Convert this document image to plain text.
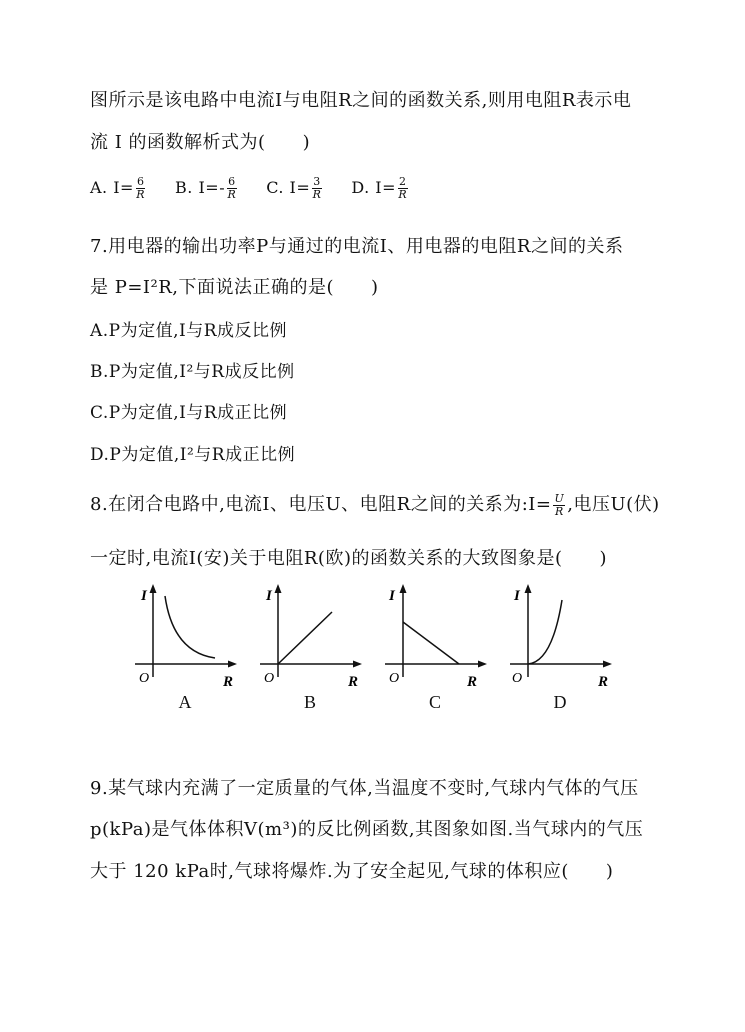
图所示是该电路中电流I与电阻R之间的函数关系,则用电阻R表示电
流 I 的函数解析式为(　　)
A. $I= \frac{6}{R} B$. $I=- \frac{6}{R} C$. $I= \frac{3}{R} D$. $I= \frac{2}{R}$
7.用电器的输出功率P与通过的电流I、用电器的电阻R之间的关系
是 P=I²R,下面说法正确的是(　　)
A.P为定值,I与R成反比例
B.P为定值,I²与R成反比例
C.P为定值,I与R成正比例
D.P为定值,I²与R成正比例
8.在闭合电路中,电流I、电压U、电阻R之间的关系为:I= $\frac{U}{R}$ ,电压U(伏)
一定时,电流I(安)关于电阻R(欧)的函数关系的大致图象是(　　)
I
O	R
A
I
O	R
B
I
O	R
C
I
O	R
D
9.某气球内充满了一定质量的气体,当温度不变时,气球内气体的气压
p(kPa)是气体体积V(m³)的反比例函数,其图象如图.当气球内的气压
大于 120 kPa时,气球将爆炸.为了安全起见,气球的体积应(　　)
